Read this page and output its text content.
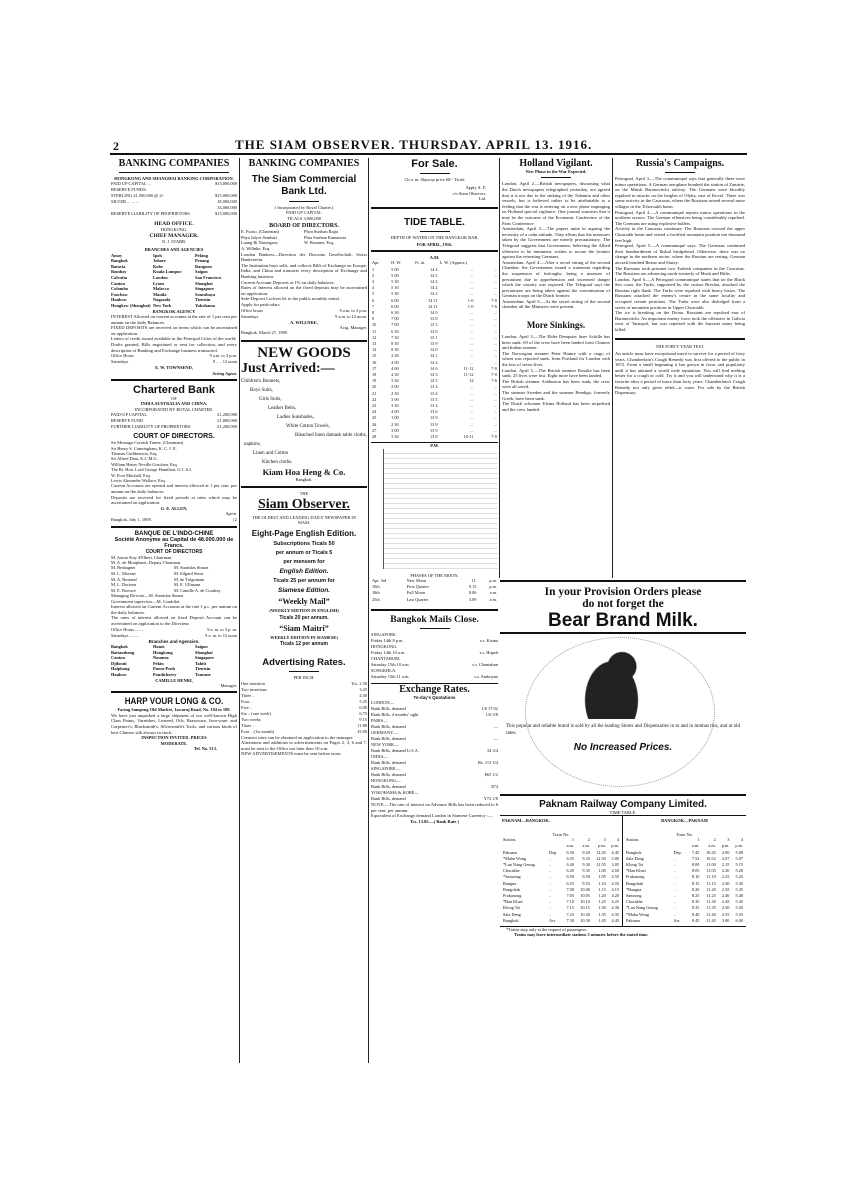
2	THE SIAM OBSERVER. THURSDAY. APRIL 13. 1916.
BANKING COMPANIES
HONGKONG AND SHANGHAI BANKING CORPORATION.
PAID UP CAPITAL ...	$15,000,000
RESERVE FUNDS.
STERLING £1,500,000 @ 2/-	$15,000,000
SILVER ... ... ...	18,000,000
33,000,000
RESERVE LIABILITY OF PROPRIETORS	$15,000,000
HEAD OFFICE.
HONGKONG.
CHIEF MANAGER.
N. J. STABB.
BRANCHES AND AGENCIES
Amoy	Ipoh	Peking
Bangkok	Johore	Penang
Batavia	Kobe	Rangoon
Bombay	Kuala Lumpur	Saigon
Calcutta	London	San Francisco
Canton	Lyons	Shanghai
Colombo	Malacca	Singapore
Foochow	Manila	Sourabaya
Hankow	Nagasaki	Tientsin
Hongkew (Shanghai) New York	Yokohama
BANGKOK AGENCY
INTEREST Allowed on current accounts at the rate of 1 per cent per annum on the daily Balances.
FIXED DEPOSITS are received on terms which can be ascertained on application.
Letters of credit issued available in the Principal Cities of the world.
Drafts granted, Bills negotiated or sent for collection, and every description of Banking and Exchange business transacted.
Office Hours	9 a.m. to 3 p.m.
Saturdays	9 .. .. 12 noon
E. W. TOWNSEND,
Acting Agent.
Chartered Bank
OF
INDIA AUSTRALIA AND CHINA.
INCORPORATED BY ROYAL CHARTER.
PAID-UP CAPITAL	£1,200,000
RESERVE FUND	£1,800,000
FURTHER LIABILITY OF PROPRIETORS	£1,200,000
COURT OF DIRECTORS.
Sir Montagu Cornish Turner, (Chairman)
Sir Henry S. Cunningham, K. C. I. E.
Thomas Cuthbertson, Esq.
Sir Alfred Dent, K.C.M.G.
William Henry Neville Goschen, Esq.
The Rt. Hon. Lord George Hamilton, G.C.S.I.
W. Foot Mitchell, Esq.
Lewis Alexander Wallace, Esq.
Current Accounts are opened and interest allowed at 1 per cent. per annum on the daily balances.
Deposits are received for fixed periods at rates which may be ascertained on application.
G. E. ALLEN,
Agent.
Bangkok, July 1, 1909.	[2
BANQUE DE L'INDO-CHINE
Société Anonyme au Capital de 48.000.000 de Francs.
COURT OF DIRECTORS
M. Aaron Stoy d'Elbert, Chairman.
M. A. de Monplanet, Deputy Chairman.
M. Besbagnet	M. Stanislas Simon
M. L. Morean	M. Edgard Stern
M. A. Rostand	M. de Trégomain
M. L. Dorizon	M. E. Ullmann
M. E. Boeswe	M. Camille A. de Coudray
Managing Director—M. Stanislas Simon
Government supervisor—M. Coudrilat
Interest allowed on Current Accounts at the rate 1 p.c. per annum on the daily balances.
The rates of interest allowed on fixed Deposit Account can be ascertained on application to the Directeur.
Office Hours.........	9 a. m. to 3 p. m.
Saturdays .........	9 a. m. to 12 noon
Branches and Agencies.
Bangkok	Hanoi	Saigon
Battambong	Hongkong	Shanghai
Canton	Noumea	Singapore
Djibouti	Pekin	Tahiti
Haiphong	Pnom-Penh	Tientsin
Hankow	Pondicherry	Tourane
CAMILLE HENRI,
Manager.
HARP VOUR LONG & CO.
Facing Sampeng Old Market, Jawaraj Road, No. 184 to 189.
We have just unpacked a large shipment of our well-known High Class Paints, Varnishes, Linseed, Oils, Brassware, Iron-ware, and Carpenter's, Blacksmith's, Silversmith's Tools, and various kinds of best Chinese silk always in stock.
INSPECTION INVITED. PRICES
MODERATE.
Tel. No. 513.
BANKING COMPANIES
The Siam Commercial Bank Ltd.
( Incorporated by Royal Charter.)
PAID UP CAPITAL
TICALS 3,000,000
BOARD OF DIRECTORS.
E. Fiorio, (Chairman)	Phya Suriban Rajia
Phya Jalyot Semhati	Phra Suriban Kamanora
Luang Ri Narongron	W. Brunner, Esq.
A. Willnke, Esq.
London Bankers—Direction der Disconto Gesellschaft, Swiss Bankverein.
The Institution buys sells, and collects Bills of Exchange on Europe, India, and China and transacts every description of Exchange and Banking business.
Current Account Deposits at 1% on daily balances.
Rates of Interest allowed on the fixed deposits may be ascertained on application.
Safe-Deposit Lockers let to the public monthly rental.
Apply for particulars.
Office hours	9 a.m. to 3 p.m.
Saturdays	9 a.m. to 12 noon.
A. WILLNKE,
Actg. Manager.
Bangkok, March 27, 1909.
NEW GOODS
Just Arrived:—
Children's Bonnets,
Boys Suits,
Girls Suits,
Leather Belts,
Ladies Sunshades,
White Cotton Towels,
Bleached linen damask table cloths,
napkins,
Linen and Cotton
Kitchen cloths.
Kiam Hoa Heng & Co.
Bangkok.
THE
Siam Observer.
THE OLDEST AND LEADING DAILY NEWSPAPER IN SIAM.
Eight-Page English Edition.
Subscriptions Ticals 50
per annum or Ticals 5
per mensem for
English Edition.
Ticals 25 per annum for
Siamese Edition.
“Weekly Mail”
(WEEKLY EDITION IN ENGLISH)
Ticals 20 per annum.
“Siam Maitri”
WEEKLY EDITION IN SIAMESE)
Ticals 12 per annum
Advertising Rates.
PER INCH.
One insertion	Tcs. 2.50
Two insertions	3.25
Three ..	4.50
Four ..	5.25
Five ..	6.00
Six .. (one week)	6.75
Two weeks	9.15
Three ..	11.88
Four .. (1st month)	15.00
Contract rates can be obtained on application to the manager.
Alterations and additions to advertisements on Pages 2, 3, 6 and 7, must be sent to the Office not later than 10 a.m.
NEW ADVERTISEMENTS must be sent before noon.
For Sale.
Ch a. m. Slipway price 60/- Ticals
Apply A. F.
c/o Siam Observer,
Ltd.
TIDE TABLE.
DEPTH OF WATER ON THE BANGKOK BAR.
FOR APRIL, 1916.
A.M.
Apr.	H. W.	Ft. in.	L. W. (Approx.)	
1	5 00	14 4	...	...
2	5 00	14 5	...	...
3	5 30	14 2	...	...
4	5 30	14 2	...	...
5	5 30	14 2	...	...
6	6 00	14 11	1-0	7-0
7	6 00	14 11	1-0	7-6
8	6 30	14 0	...	...
9	7 00	13 8	...	...
10	7 00	13 3	...	...
11	6 30	13 0	...	...
12	7 30	13 1	...	...
13	8 30	13 9	...	...
14	8 30	14 0	...	...
15	3 30	14 1	...	...
16	4 00	14 4	...	...
17	4 00	14 6	11-12	7-0
18	4 30	14 5	11-12	7-0
19	3 30	14 5	12	7-6
20	2 00	13 4	...	...
21	2 30	13 4	...	...
22	3 00	13 5	...	...
23	3 30	13 4	...	...
24	4 00	13 6	...	...
25	1 00	13 9	...	...
26	2 30	13 9	...	...
27	3 00	13 9	...	...
28	3 30	13 8	10-11	7-0
P.M.
PHASES OF THE MOON.
Apr. 3rd	New Moon	11.	p.m.
10th	First Quarter	9.15	p.m.
18th	Full Moon	8.06	a.m.
25th	Last Quarter	3.09	a.m.
Bangkok Mails Close.
SINGAPORE.
Friday 14th 8 p.m.	s.s. Kistna
HONGKONG.
Friday 14th 10 a.m.	s.s. Hupeh
CHANTABURI.
Saturday 15th 10 a.m.	s.s. Chantabun
SONGKHLA.
Saturday 15th 11 a.m.	s.s. Amboyna
Exchange Rates.
To-day's Quotations
LONDON—
Bank Bills, demand	1/6 17/32
Bank Bills, 4 months' sight	1/6 5/8
PARIS—
Bank Bills, demand	—
GERMANY—
Bank Bills, demand	—
NEW YORK—
Bank Bills, demand U.S.A.	34 3/4
INDIA—
Bank Bills, demand	Rs. 113 3/4
SINGAPORE—
Bank Bills, demand	$65 1/2
HONGKONG—
Bank Bills, demand	$74
YOKOHAMA & KOBE—
Bank Bills, demand	Y72 1/8
NOTE:—The rate of interest on Advance Bills has been reduced to 6 per cent. per annum.
Equivalent of Exchange demand London in Siamese Currency :—
Tcs. 13.05.—( Bank Rate )
Holland Vigilant.
New Phase in the War Expected.
London, April 2.—British newspapers, discussing what the Dutch newspapers telegraphed yesterday, are agreed that it is not due to the sinking of the Tubantia and other vessels, but is believed rather to be attributable to a feeling that the war is entering on a new phase impinging on Holland special vigilance. One journal surmises that it may be the outcome of the Economic Conference of the Paris Conference.
Amsterdam, April 3.—The papers unite in arguing the necessity of a calm attitude. They affirm that the measures taken by the Government are merely precautionary. The Telegraaf suggests that Government, believing the Allied offensive to be imminent, wishes to secure the frontier against the retreating Germans.
Amsterdam, April 4.—After a secret sitting of the second Chamber, the Government issued a statement regarding the suspension of furloughs, being a measure of precaution due to apprehension and increased danger which the country was exposed. The Telegraaf says the precautions are being taken against the concentration of German troops on the Dutch frontier.
Amsterdam, April 6.—At the secret sitting of the second chamber all the Ministers were present.
More Sinkings.
London, April 3.—The Elder Dempster liner Achille has been sunk. 69 of the crew have been landed from Chinese and Indian seamen.
The Norwegian steamer Peter Hamre with a cargo of wheat was reported sunk, from Portland for London with the loss of seven lives.
London, April 5.—The British steamer Rosalie has been sunk. 25 lives were lost. Eight more have been landed.
The British steamer Ashburton has been sunk; the crew were all saved.
The steamer Sweden and the steamer Bendigo, formerly Greek, have been sunk.
The Dutch schooner Elsina Holland has been torpedoed and the crew landed.
Russia's Campaigns.
Petrograd, April 3.—The communiqué says that generally there were minor operations. A German aeroplane bombed the station of Zamirie, on the Minsk Baranovitchi railway. The Germans were bloodily repulsed in attacks on the heights of Olyka, east of Kovel. There was some activity in the Caucasus, where the Russians seized several more villages in the Tchoroukh basin.
Petrograd, April 4.—A communiqué reports minor operations in the northern sectors. The German offensives being considerably repulsed. The Germans are using explosive bullets.
Activity in the Caucasus continues. The Russians crossed the upper Choroukh basin and seized a fortified mountain position ten thousand feet high.
Petrograd, April 5.—A communiqué says: The Germans continued their bombardment of Ikskul bridgehead. Otherwise, there was no change in the northern sector, where the Russian are resting. German aircraft bombed Rezno and Slutzy.
The Russians took prisoner two Turkish companies in the Caucasus. The Russians are advancing north-westerly of Mush and Bitlis.
London, April 6.—A Petrograd communiqué states that on the Black Sea coast, the Turks, supported by the cruiser Breslau, attacked the Russian right flank. The Turks were repulsed with heavy losses. The Russians attacked the enemy's centre in the same locality and occupied certain positions. The Turks were also dislodged from a series of mountain positions in Upper Choroukh.
The ice is breaking on the Dvina. Russians are repulsed east of Baranovitchi. An important enemy force took the offensive in Galicia west of Tarnopol, but was repulsed with the bayonet many being killed.
THE FORTY YEAR TEST.
An article must have exceptional merit to survive for a period of forty years. Chamberlain's Cough Remedy was first offered to the public in 1872. From a small beginning it has grown in favor and popularity until it has attained a world wide reputation. You will find nothing better for a cough or cold. Try it and you will understand why it is a favorite after a period of more than forty years. Chamberlain's Cough Remedy not only gives relief—it cures. For sale by the British Dispensary.
In your Provision Orders please
do not forget the
Bear Brand Milk.
This popular and reliable brand is sold by all the leading Stores and Dispensaries in to and in tumbas tins, and at old rates.
No Increased Prices.
Paknam Railway Company Limited.
TIME TABLE.
PAKNAM—BANGKOK.
Train No.
Station.		1	2	3	4
		a.m.	a.m.	p.m.	p.m.
Paknam	Dep.	6.30	9.20	12.45	4.45
*Maha Wong	..	6.35	9.25	12.50	3.00
*Lan Nang Geung	..	6.40	9.30	12.55	3.05
Chorakhe	..	6.45	9.35	1.00	4.50
*Samrong	..	6.50	9.50	1.05	4.55
Bangna	..	6.55	9.55	1.10	4.55
Bangchak	..	7.00	10.00	1.15	4.15
Prakanong	..	7.05	10.05	1.20	4.20
*Ban Kluei	..	7.10	10.10	1.25	4.25
Klong Toi	..	7.15	10.15	1.30	4.30
Sala Deng	..	7.23	10.20	1.35	4.35
Bangkok	Arr.	7.30	10.30	1.45	4.45
BANGKOK—PAKNAM
Train No.
Station.		1	2	3	4
		a.m.	a.m.	p.m.	p.m.
Bangkok	Dep.	7.45	10.45	2.00	5.00
Sala Deng	..	7.52	10.52	2.07	5.07
Klong Toi	..	8.00	11.00	2.15	5.15
*Ban Kluei	..	8.05	11.05	2.20	5.20
Prakanong	..	8.10	11.10	2.25	5.25
Bangchak	..	8.15	11.15	2.30	5.30
*Bangna	..	8.20	11.20	2.35	5.35
Samrong	..	8.25	11.25	2.40	5.40
Chorakhe	..	8.30	11.30	2.45	5.45
*Lan Nang Geung	..	8.35	11.35	2.50	5.50
*Maha Wong	..	8.40	11.40	2.55	5.55
Paknam	Arr.	8.45	11.45	3.00	6.00
*Trains stop only at the request of passengers.
Trains may leave intermediate stations 5 minutes before the stated time.
